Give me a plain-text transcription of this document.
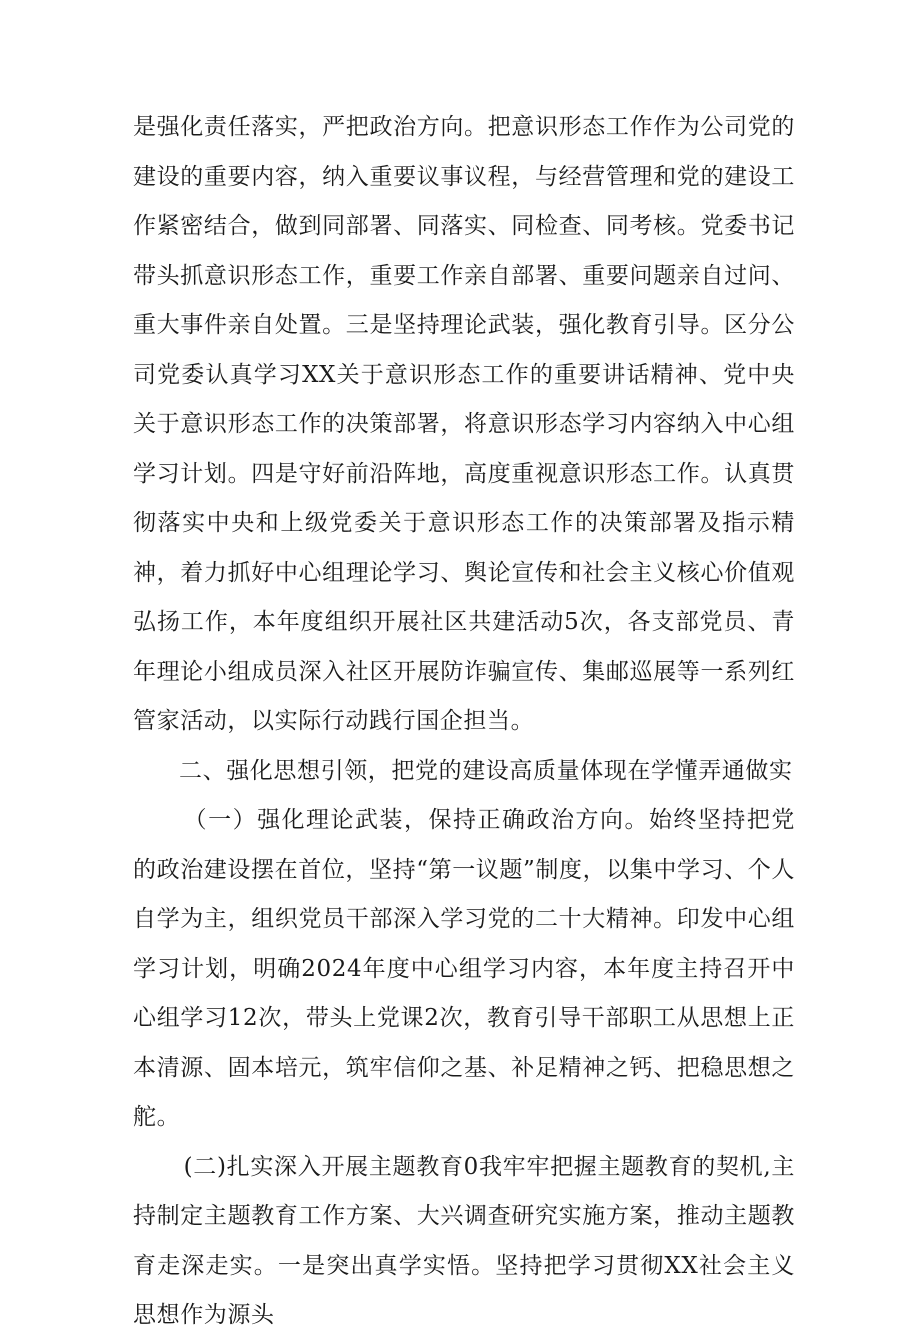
是强化责任落实，严把政治方向。把意识形态工作作为公司党的建设的重要内容，纳入重要议事议程，与经营管理和党的建设工作紧密结合，做到同部署、同落实、同检查、同考核。党委书记带头抓意识形态工作，重要工作亲自部署、重要问题亲自过问、重大事件亲自处置。三是坚持理论武装，强化教育引导。区分公司党委认真学习XX关于意识形态工作的重要讲话精神、党中央关于意识形态工作的决策部署，将意识形态学习内容纳入中心组学习计划。四是守好前沿阵地，高度重视意识形态工作。认真贯彻落实中央和上级党委关于意识形态工作的决策部署及指示精神，着力抓好中心组理论学习、舆论宣传和社会主义核心价值观弘扬工作，本年度组织开展社区共建活动5次，各支部党员、青年理论小组成员深入社区开展防诈骗宣传、集邮巡展等一系列红管家活动，以实际行动践行国企担当。

二、强化思想引领，把党的建设高质量体现在学懂弄通做实

（一）强化理论武装，保持正确政治方向。始终坚持把党的政治建设摆在首位，坚持“第一议题”制度，以集中学习、个人自学为主，组织党员干部深入学习党的二十大精神。印发中心组学习计划，明确2024年度中心组学习内容，本年度主持召开中心组学习12次，带头上党课2次，教育引导干部职工从思想上正本清源、固本培元，筑牢信仰之基、补足精神之钙、把稳思想之舵。

(二)扎实深入开展主题教育0我牢牢把握主题教育的契机,主持制定主题教育工作方案、大兴调查研究实施方案，推动主题教育走深走实。一是突出真学实悟。坚持把学习贯彻XX社会主义思想作为源头
